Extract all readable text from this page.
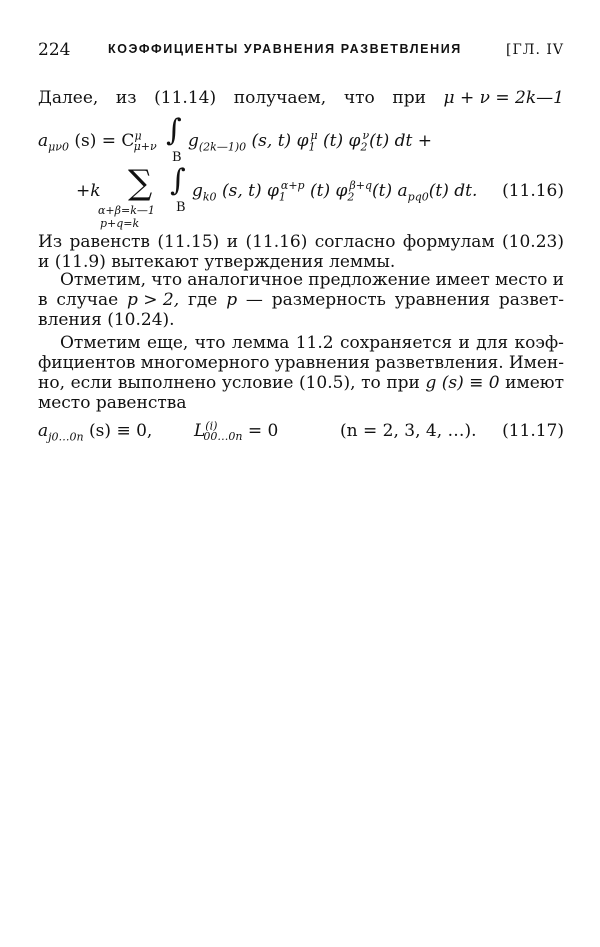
224	КОЭФФИЦИЕНТЫ УРАВНЕНИЯ РАЗВЕТВЛЕНИЯ	[ГЛ. IV
Далее, из (11.14) получаем, что при μ + ν = 2k—1
$a_{\mu\nu 0}$ $(s) = C^\mu_{\mu+\nu}$ ∫
B
$g_{(2k—1)0}$ (s, t) $\varphi_1^\mu$ (t) $\varphi_2^\nu(t)$ dt +
+k ∑
α+β=k—1
p+q=k
∫
B
$g_{k0}$ (s, t) $\varphi_1^{\alpha+p}$ (t) $\varphi_2^{\beta+q}(t)$ $a_{pq0}(t)$ dt. (11.16)
Из равенств (11.15) и (11.16) согласно формулам (10.23)
и (11.9) вытекают утверждения леммы.
Отметим, что аналогичное предложение имеет место и
в случае p > 2, где p — размерность уравнения развет-
вления (10.24).
Отметим еще, что лемма 11.2 сохраняется и для коэф-
фициентов многомерного уравнения разветвления. Имен-
но, если выполнено условие (10.5), то при g (s) ≡ 0 имеют
место равенства
$a_{j0\dots 0n}$ (s) ≡ 0, $L^{(i)}_{00\dots 0n} = 0$	(n = 2, 3, 4, …). (11.17)
